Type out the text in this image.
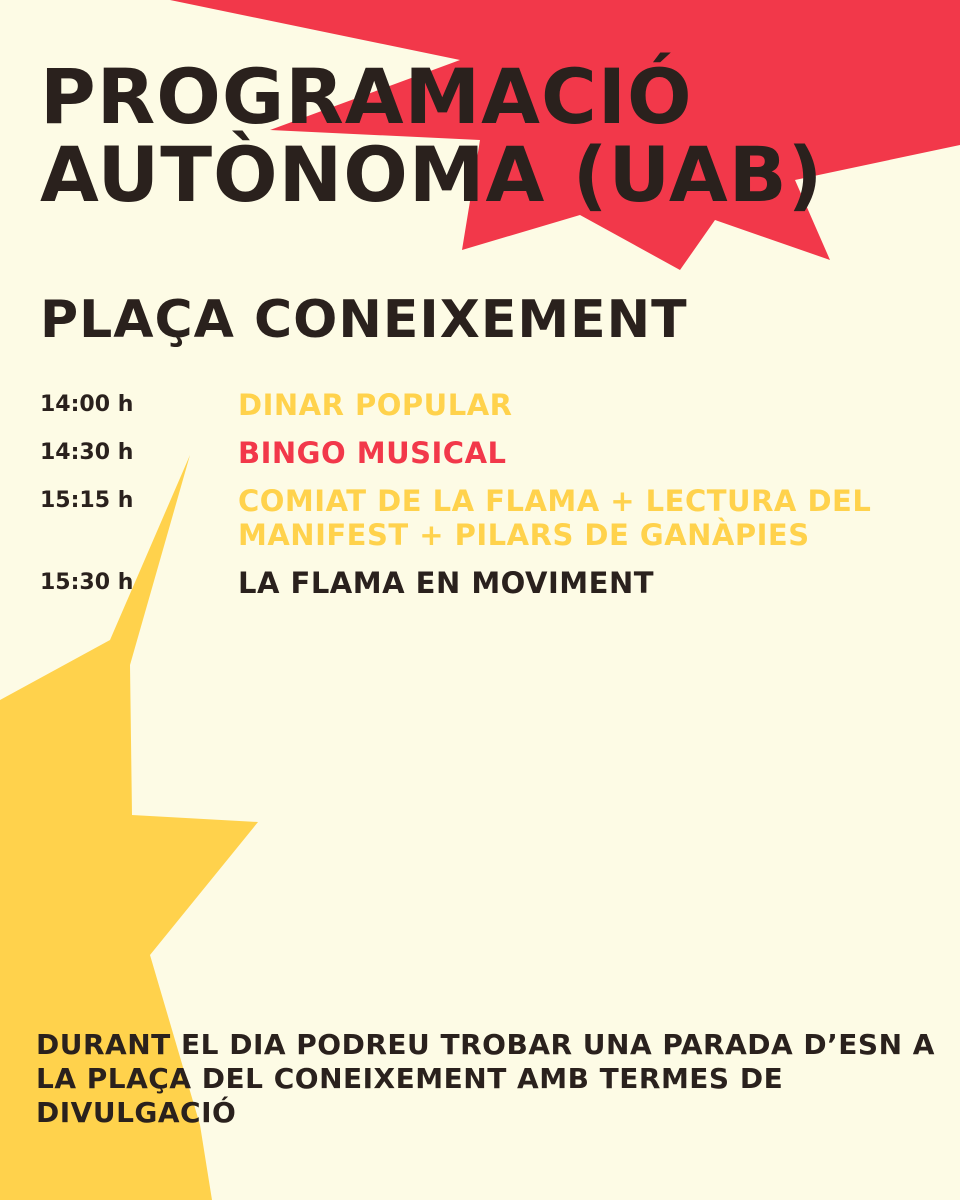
PROGRAMACIÓ
AUTÒNOMA (UAB)
PLAÇA CONEIXEMENT
14:00 h	DINAR POPULAR
14:30 h	BINGO MUSICAL
15:15 h	COMIAT DE LA FLAMA + LECTURA DEL MANIFEST + PILARS DE GANÀPIES
15:30 h	LA FLAMA EN MOVIMENT

DURANT EL DIA PODREU TROBAR UNA PARADA D’ESN A LA PLAÇA DEL CONEIXEMENT AMB TERMES DE DIVULGACIÓ
